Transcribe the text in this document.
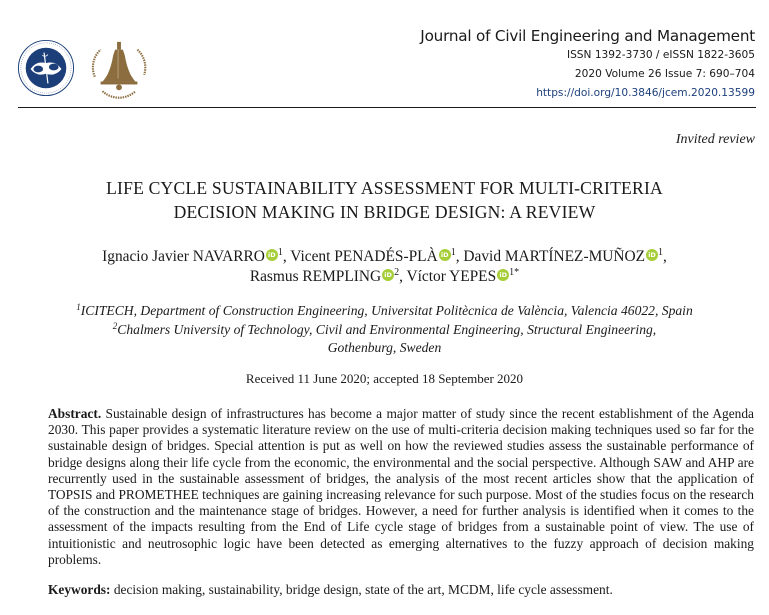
Journal of Civil Engineering and Management
ISSN 1392-3730 / eISSN 1822-3605
2020 Volume 26 Issue 7: 690–704
https://doi.org/10.3846/jcem.2020.13599
Invited review
LIFE CYCLE SUSTAINABILITY ASSESSMENT FOR MULTI-CRITERIA
DECISION MAKING IN BRIDGE DESIGN: A REVIEW
Ignacio Javier NAVARRO iD $^1$, Vicent PENADÉS-PLÀ iD $^1$, David MARTÍNEZ-MUÑOZ iD $^1$,
Rasmus REMPLING iD $^2$, Víctor YEPES iD $^{1*}$
$^1$ICITECH, Department of Construction Engineering, Universitat Politècnica de València, Valencia 46022, Spain
$^2$Chalmers University of Technology, Civil and Environmental Engineering, Structural Engineering,
Gothenburg, Sweden
Received 11 June 2020; accepted 18 September 2020
Abstract. Sustainable design of infrastructures has become a major matter of study since the recent establishment of the Agenda 2030. This paper provides a systematic literature review on the use of multi-criteria decision making techniques used so far for the sustainable design of bridges. Special attention is put as well on how the reviewed studies assess the sustainable performance of bridge designs along their life cycle from the economic, the environmental and the social perspective. Although SAW and AHP are recurrently used in the sustainable assessment of bridges, the analysis of the most recent articles show that the application of TOPSIS and PROMETHEE techniques are gaining increasing relevance for such purpose. Most of the studies focus on the research of the construction and the maintenance stage of bridges. However, a need for further analysis is identified when it comes to the assessment of the impacts resulting from the End of Life cycle stage of bridges from a sustainable point of view. The use of intuitionistic and neutrosophic logic have been detected as emerging alternatives to the fuzzy approach of decision making problems.
Keywords: decision making, sustainability, bridge design, state of the art, MCDM, life cycle assessment.
